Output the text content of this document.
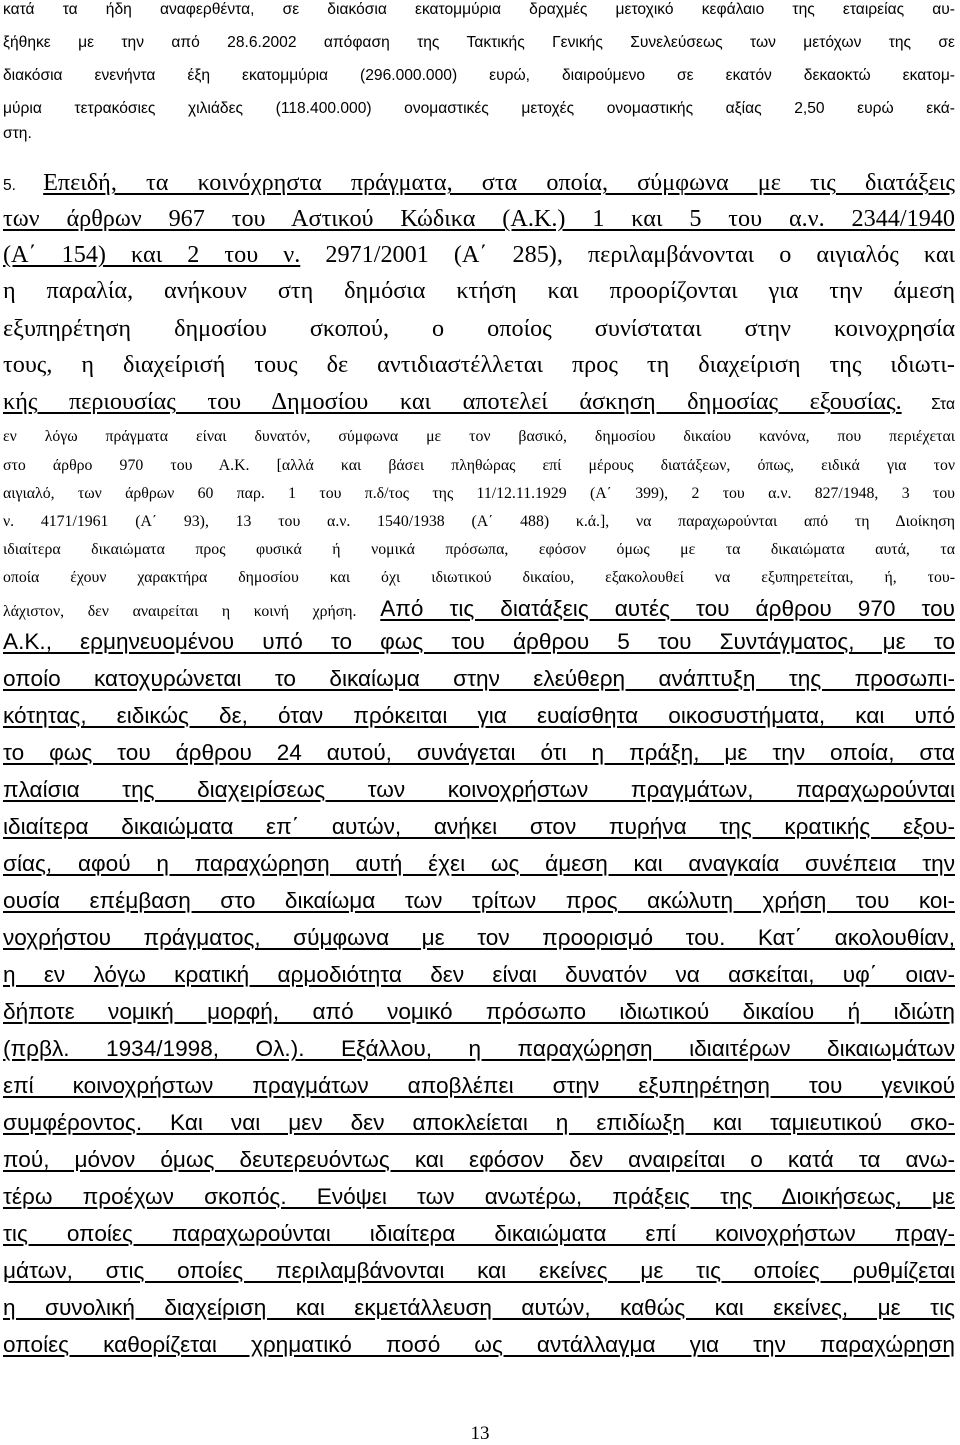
κατά τα ήδη αναφερθέντα, σε διακόσια εκατομμύρια δραχμές μετοχικό κεφάλαιο της εταιρείας αυ-
ξήθηκε με την από 28.6.2002 απόφαση της Τακτικής Γενικής Συνελεύσεως των μετόχων της σε
διακόσια ενενήντα έξη εκατομμύρια (296.000.000) ευρώ, διαιρούμενο σε εκατόν δεκαοκτώ εκατομ-
μύρια τετρακόσιες χιλιάδες (118.400.000) ονομαστικές μετοχές ονομαστικής αξίας 2,50 ευρώ εκά-
στη.
5. Επειδή, τα κοινόχρηστα πράγματα, στα οποία, σύμφωνα με τις διατάξεις
των άρθρων 967 του Αστικού Κώδικα (Α.Κ.) 1 και 5 του α.ν. 2344/1940
(Α΄ 154) και 2 του ν. 2971/2001 (Α΄ 285), περιλαμβάνονται ο αιγιαλός και
η παραλία, ανήκουν στη δημόσια κτήση και προορίζονται για την άμεση
εξυπηρέτηση δημοσίου σκοπού, ο οποίος συνίσταται στην κοινοχρησία
τους, η διαχείρισή τους δε αντιδιαστέλλεται προς τη διαχείριση της ιδιωτι-
κής περιουσίας του Δημοσίου και αποτελεί άσκηση δημοσίας εξουσίας. Στα
εν λόγω πράγματα είναι δυνατόν, σύμφωνα με τον βασικό, δημοσίου δικαίου κανόνα, που περιέχεται
στο άρθρο 970 του Α.Κ. [αλλά και βάσει πληθώρας επί μέρους διατάξεων, όπως, ειδικά για τον
αιγιαλό, των άρθρων 60 παρ. 1 του π.δ/τος της 11/12.11.1929 (Α΄ 399), 2 του α.ν. 827/1948, 3 του
ν. 4171/1961 (Α΄ 93), 13 του α.ν. 1540/1938 (Α΄ 488) κ.ά.], να παραχωρούνται από τη Διοίκηση
ιδιαίτερα δικαιώματα προς φυσικά ή νομικά πρόσωπα, εφόσον όμως με τα δικαιώματα αυτά, τα
οποία έχουν χαρακτήρα δημοσίου και όχι ιδιωτικού δικαίου, εξακολουθεί να εξυπηρετείται, ή, του-
λάχιστον, δεν αναιρείται η κοινή χρήση. Από τις διατάξεις αυτές του άρθρου 970 του
Α.Κ., ερμηνευομένου υπό το φως του άρθρου 5 του Συντάγματος, με το
οποίο κατοχυρώνεται το δικαίωμα στην ελεύθερη ανάπτυξη της προσωπι-
κότητας, ειδικώς δε, όταν πρόκειται για ευαίσθητα οικοσυστήματα, και υπό
το φως του άρθρου 24 αυτού, συνάγεται ότι η πράξη, με την οποία, στα
πλαίσια της διαχειρίσεως των κοινοχρήστων πραγμάτων, παραχωρούνται
ιδιαίτερα δικαιώματα επ΄ αυτών, ανήκει στον πυρήνα της κρατικής εξου-
σίας, αφού η παραχώρηση αυτή έχει ως άμεση και αναγκαία συνέπεια την
ουσία επέμβαση στο δικαίωμα των τρίτων προς ακώλυτη χρήση του κοι-
νοχρήστου πράγματος, σύμφωνα με τον προορισμό του. Κατ΄ ακολουθίαν,
η εν λόγω κρατική αρμοδιότητα δεν είναι δυνατόν να ασκείται, υφ΄ οιαν-
δήποτε νομική μορφή, από νομικό πρόσωπο ιδιωτικού δικαίου ή ιδιώτη
(πρβλ. 1934/1998, Ολ.). Εξάλλου, η παραχώρηση ιδιαιτέρων δικαιωμάτων
επί κοινοχρήστων πραγμάτων αποβλέπει στην εξυπηρέτηση του γενικού
συμφέροντος. Και ναι μεν δεν αποκλείεται η επιδίωξη και ταμιευτικού σκο-
πού, μόνον όμως δευτερευόντως και εφόσον δεν αναιρείται ο κατά τα ανω-
τέρω προέχων σκοπός. Ενόψει των ανωτέρω, πράξεις της Διοικήσεως, με
τις οποίες παραχωρούνται ιδιαίτερα δικαιώματα επί κοινοχρήστων πραγ-
μάτων, στις οποίες περιλαμβάνονται και εκείνες με τις οποίες ρυθμίζεται
η συνολική διαχείριση και εκμετάλλευση αυτών, καθώς και εκείνες, με τις
οποίες καθορίζεται χρηματικό ποσό ως αντάλλαγμα για την παραχώρηση
13
